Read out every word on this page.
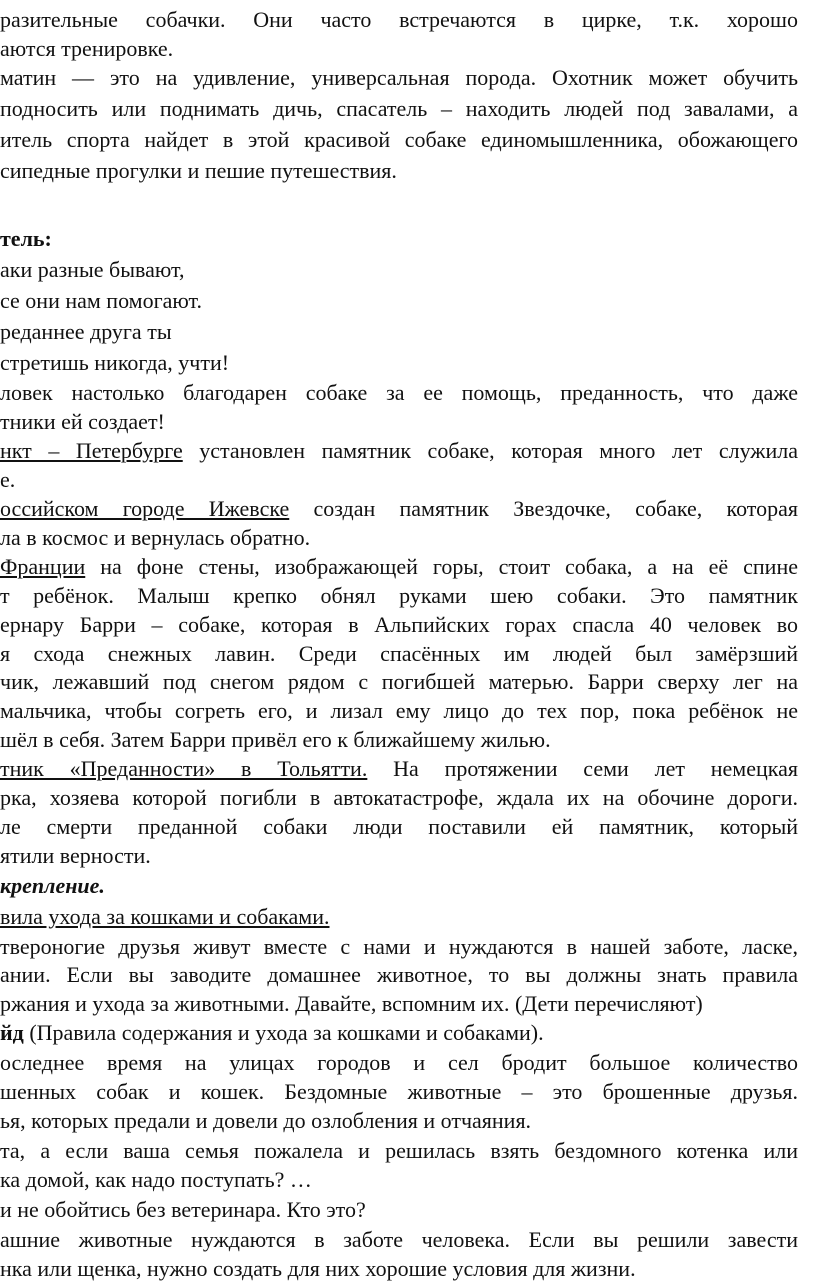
разительные собачки. Они часто встречаются в цирке, т.к. хорошо
аются тренировке.
матин — это на удивление, универсальная порода. Охотник может обучить
подносить или поднимать дичь, спасатель – находить людей под завалами, а
итель спорта найдет в этой красивой собаке единомышленника, обожающего
сипедные прогулки и пешие путешествия.
тель:
аки разные бывают,
се они нам помогают.
реданнее друга ты
стретишь никогда, учти!
ловек настолько благодарен собаке за ее помощь, преданность, что даже
тники ей создает!
нкт – Петербурге установлен памятник собаке, которая много лет служила
е.
оссийском городе Ижевске создан памятник Звездочке, собаке, которая
ла в космос и вернулась обратно.
Франции на фоне стены, изображающей горы, стоит собака, а на её спине
т ребёнок. Малыш крепко обнял руками шею собаки. Это памятник
ернару Барри – собаке, которая в Альпийских горах спасла 40 человек во
я схода снежных лавин. Среди спасённых им людей был замёрзший
чик, лежавший под снегом рядом с погибшей матерью. Барри сверху лег на
мальчика, чтобы согреть его, и лизал ему лицо до тех пор, пока ребёнок не
шёл в себя. Затем Барри привёл его к ближайшему жилью.
тник «Преданности» в Тольятти. На протяжении семи лет немецкая
рка, хозяева которой погибли в автокатастрофе, ждала их на обочине дороги.
ле смерти преданной собаки люди поставили ей памятник, который
ятили верности.
крепление.
вила ухода за кошками и собаками.
твероногие друзья живут вместе с нами и нуждаются в нашей заботе, ласке,
ании. Если вы заводите домашнее животное, то вы должны знать правила
ржания и ухода за животными. Давайте, вспомним их. (Дети перечисляют)
йд (Правила содержания и ухода за кошками и собаками).
оследнее время на улицах городов и сел бродит большое количество
шенных собак и кошек. Бездомные животные – это брошенные друзья.
ья, которых предали и довели до озлобления и отчаяния.
та, а если ваша семья пожалела и решилась взять бездомного котенка или
ка домой, как надо поступать? …
и не обойтись без ветеринара. Кто это?
ашние животные нуждаются в заботе человека. Если вы решили завести
нка или щенка, нужно создать для них хорошие условия для жизни.
